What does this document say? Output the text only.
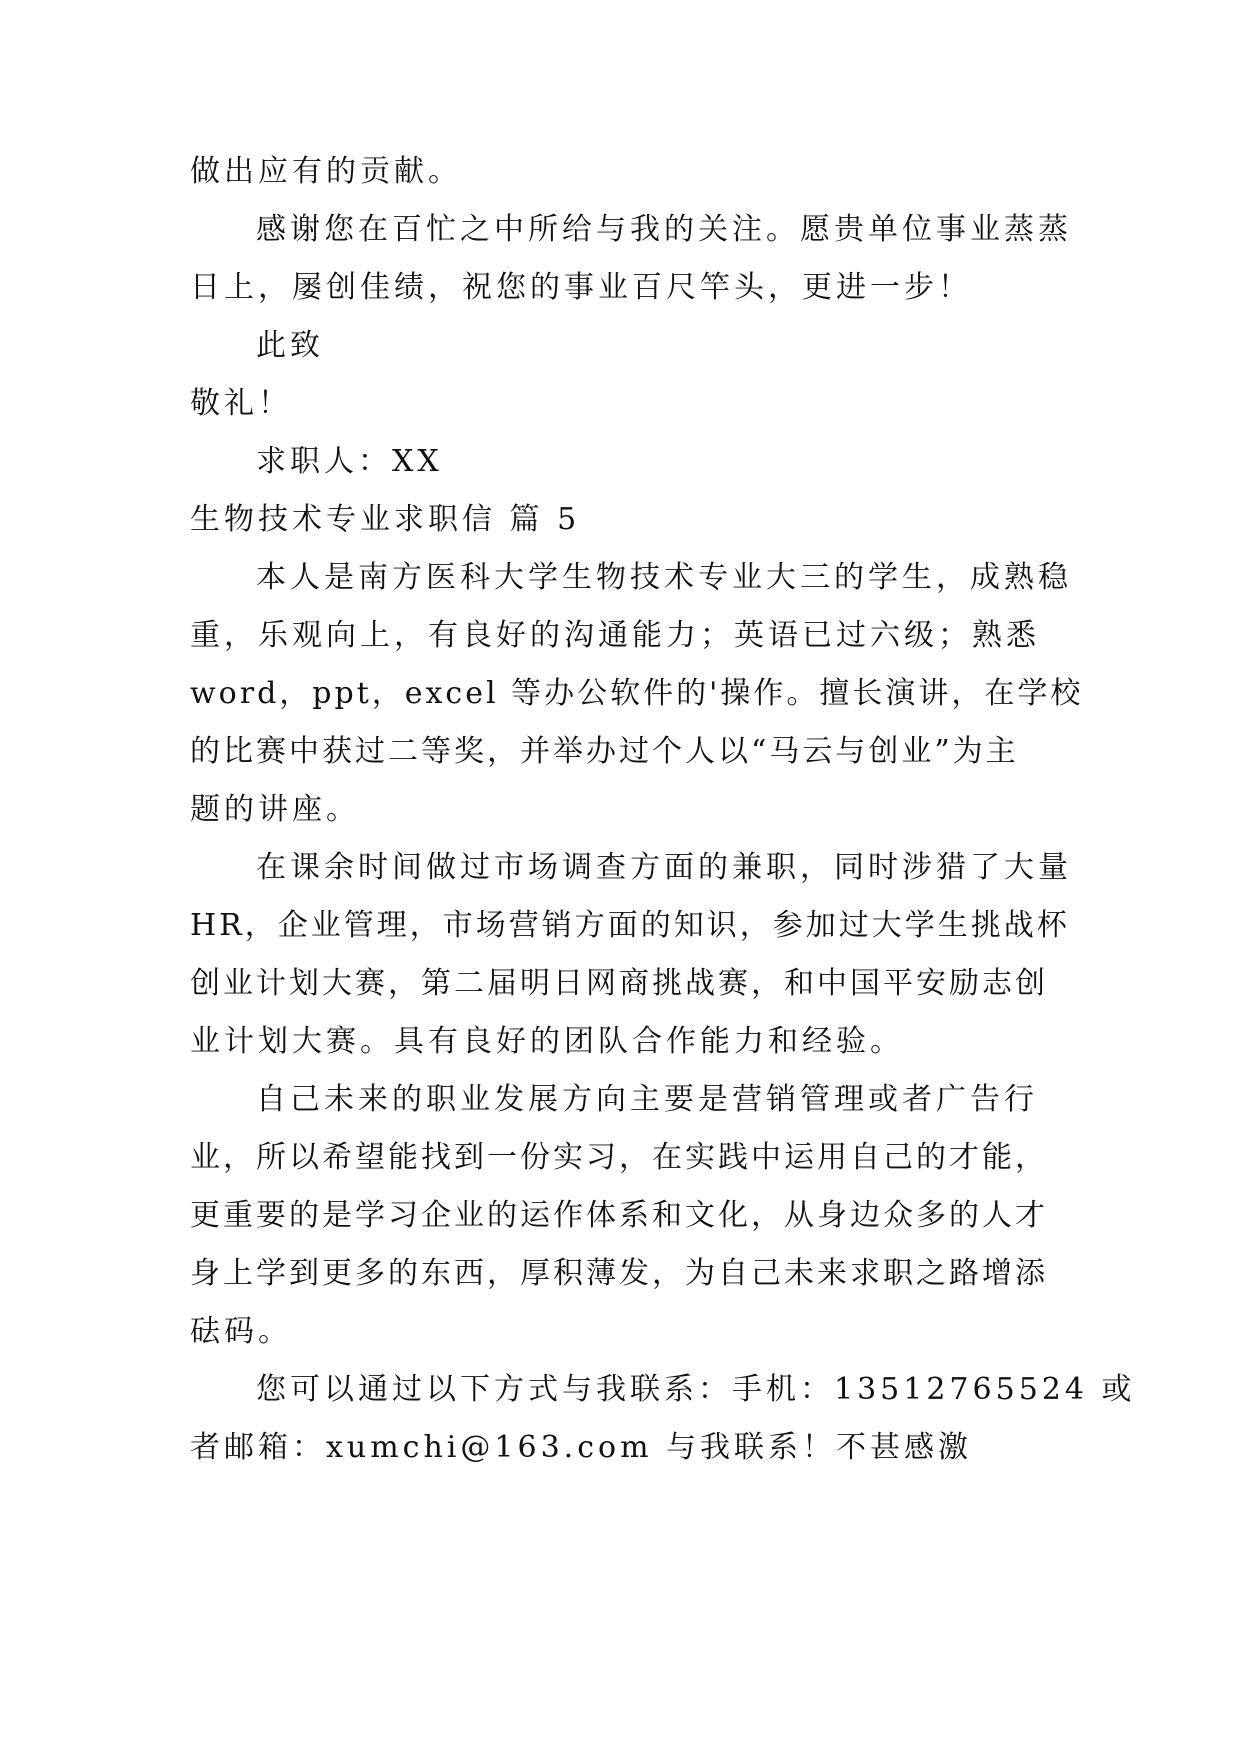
做出应有的贡献。

感谢您在百忙之中所给与我的关注。愿贵单位事业蒸蒸

日上，屡创佳绩，祝您的事业百尺竿头，更进一步！

此致

敬礼！

求职人：XX

生物技术专业求职信 篇 5

本人是南方医科大学生物技术专业大三的学生，成熟稳

重，乐观向上，有良好的沟通能力；英语已过六级；熟悉

word，ppt，excel 等办公软件的'操作。擅长演讲，在学校

的比赛中获过二等奖，并举办过个人以“马云与创业”为主

题的讲座。

在课余时间做过市场调查方面的兼职，同时涉猎了大量

HR，企业管理，市场营销方面的知识，参加过大学生挑战杯

创业计划大赛，第二届明日网商挑战赛，和中国平安励志创

业计划大赛。具有良好的团队合作能力和经验。

自己未来的职业发展方向主要是营销管理或者广告行

业，所以希望能找到一份实习，在实践中运用自己的才能，

更重要的是学习企业的运作体系和文化，从身边众多的人才

身上学到更多的东西，厚积薄发，为自己未来求职之路增添

砝码。

您可以通过以下方式与我联系：手机：13512765524 或

者邮箱：xumchi@163.com 与我联系！不甚感激
